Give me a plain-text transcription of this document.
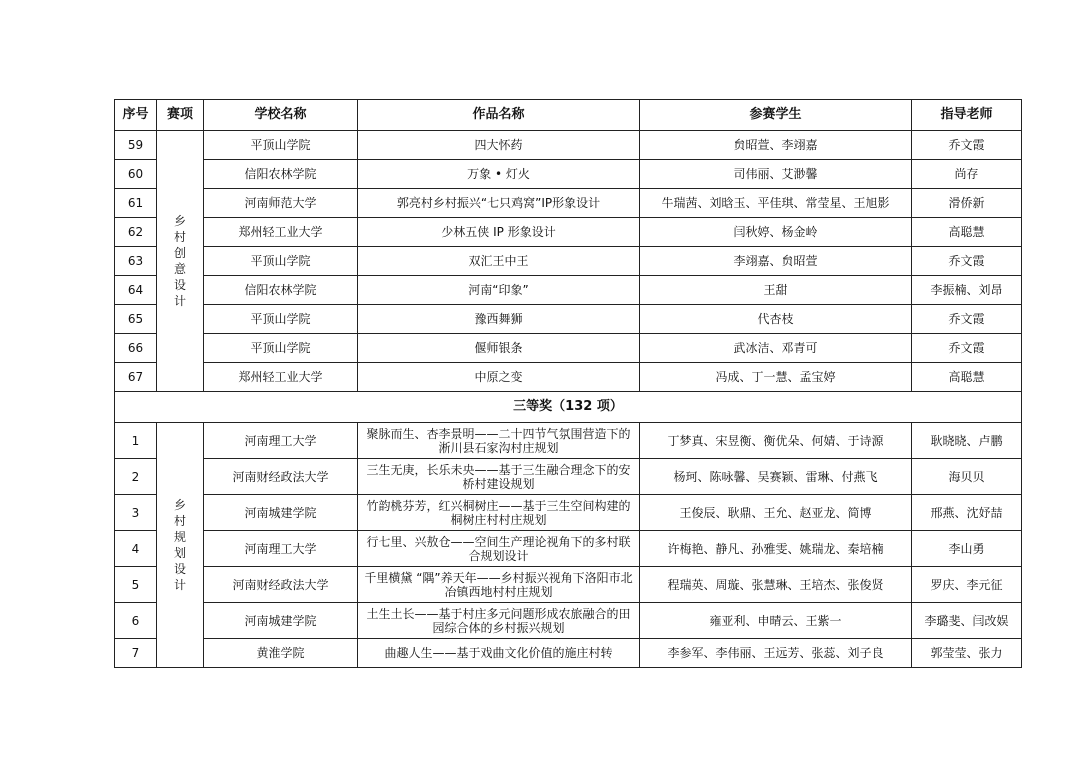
序号	赛项	学校名称	作品名称	参赛学生	指导老师
59	乡村创意设计	平顶山学院	四大怀药	贠昭萱、李翊嘉	乔文霞
60		信阳农林学院	万象 • 灯火	司伟丽、艾渺馨	尚存
61		河南师范大学	郭亮村乡村振兴“七只鸡窝”IP形象设计	牛瑞茜、刘晗玉、平佳琪、常莹星、王旭影	滑侨新
62		郑州轻工业大学	少林五侠 IP 形象设计	闫秋婷、杨金岭	高聪慧
63		平顶山学院	双汇王中王	李翊嘉、贠昭萱	乔文霞
64		信阳农林学院	河南“印象”	王甜	李振楠、刘昂
65		平顶山学院	豫西舞狮	代杏枝	乔文霞
66		平顶山学院	偃师银条	武冰洁、邓青可	乔文霞
67		郑州轻工业大学	中原之变	冯成、丁一慧、孟宝婷	高聪慧
三等奖（132 项）					
1	乡村规划设计	河南理工大学	聚脉而生、杏李景明——二十四节气氛围营造下的淅川县石家沟村庄规划	丁梦真、宋昱衡、衡优朵、何婧、于诗源	耿晓晓、卢鹏
2		河南财经政法大学	三生无庚，长乐未央——基于三生融合理念下的安桥村建设规划	杨珂、陈咏馨、吴赛颖、雷琳、付燕飞	海贝贝
3		河南城建学院	竹韵桃芬芳，红兴桐树庄——基于三生空间构建的桐树庄村村庄规划	王俊辰、耿鼎、王允、赵亚龙、简博	邢燕、沈妤喆
4		河南理工大学	行七里、兴敖仓——空间生产理论视角下的多村联合规划设计	许梅艳、静凡、孙雅雯、姚瑞龙、秦培楠	李山勇
5		河南财经政法大学	千里横黛 “隅”养天年——乡村振兴视角下洛阳市北冶镇西地村村庄规划	程瑞英、周璇、张慧琳、王培杰、张俊贤	罗庆、李元征
6		河南城建学院	土生土长——基于村庄多元问题形成农旅融合的田园综合体的乡村振兴规划	雍亚利、申晴云、王紫一	李璐斐、闫改娱
7		黄淮学院	曲趣人生——基于戏曲文化价值的施庄村转	李参军、李伟丽、王远芳、张蕊、刘子良	郭莹莹、张力
